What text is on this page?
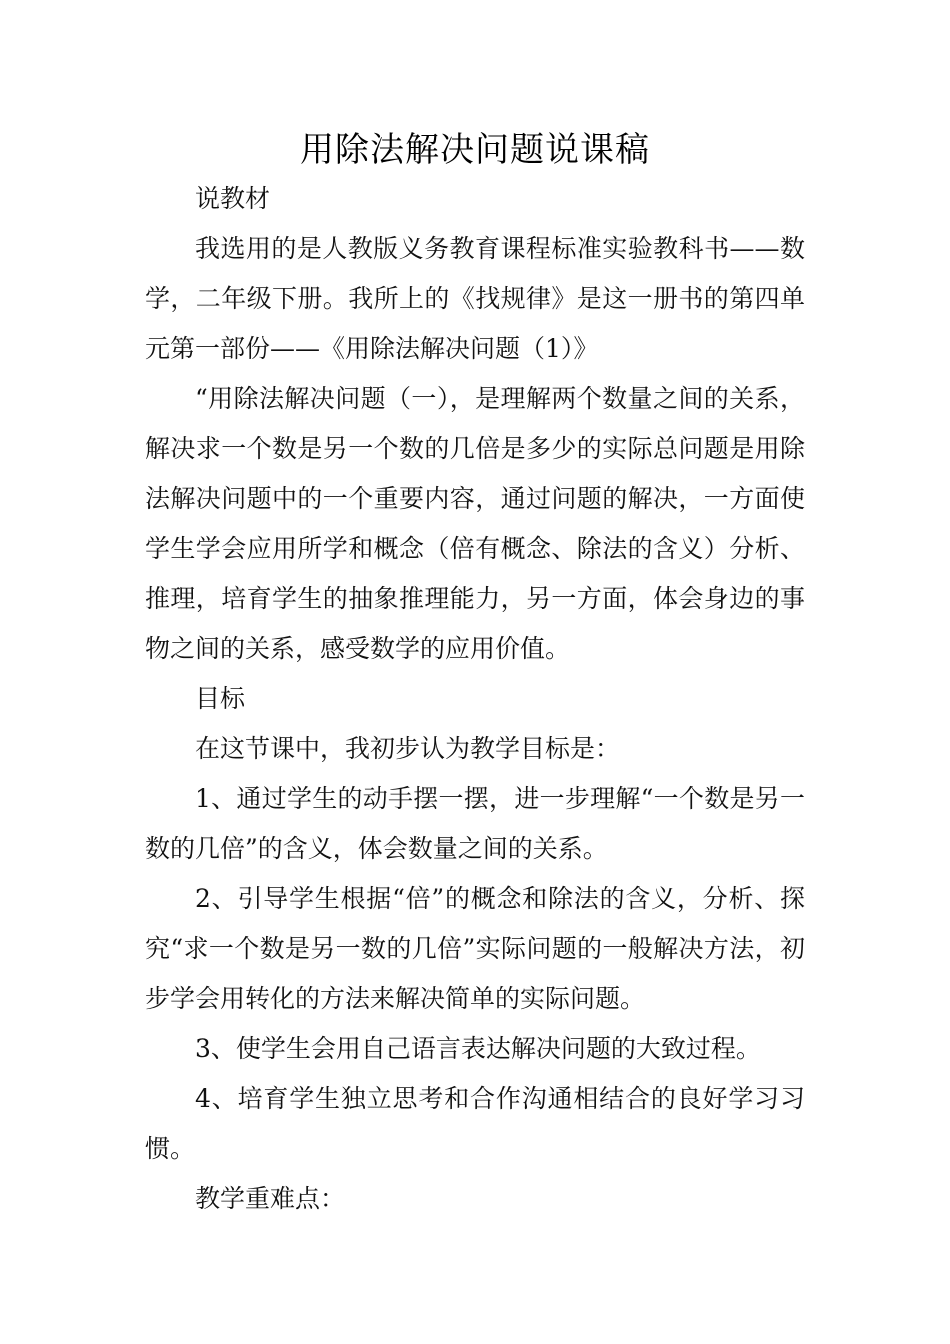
用除法解决问题说课稿

说教材

我选用的是人教版义务教育课程标准实验教科书——数学，二年级下册。我所上的《找规律》是这一册书的第四单元第一部份——《用除法解决问题（1）》

“用除法解决问题（一），是理解两个数量之间的关系，解决求一个数是另一个数的几倍是多少的实际总问题是用除法解决问题中的一个重要内容，通过问题的解决，一方面使学生学会应用所学和概念（倍有概念、除法的含义）分析、推理，培育学生的抽象推理能力，另一方面，体会身边的事物之间的关系，感受数学的应用价值。

目标

在这节课中，我初步认为教学目标是：

1、通过学生的动手摆一摆，进一步理解“一个数是另一数的几倍”的含义，体会数量之间的关系。

2、引导学生根据“倍”的概念和除法的含义，分析、探究“求一个数是另一数的几倍”实际问题的一般解决方法，初步学会用转化的方法来解决简单的实际问题。

3、使学生会用自己语言表达解决问题的大致过程。

4、培育学生独立思考和合作沟通相结合的良好学习习惯。

教学重难点：
